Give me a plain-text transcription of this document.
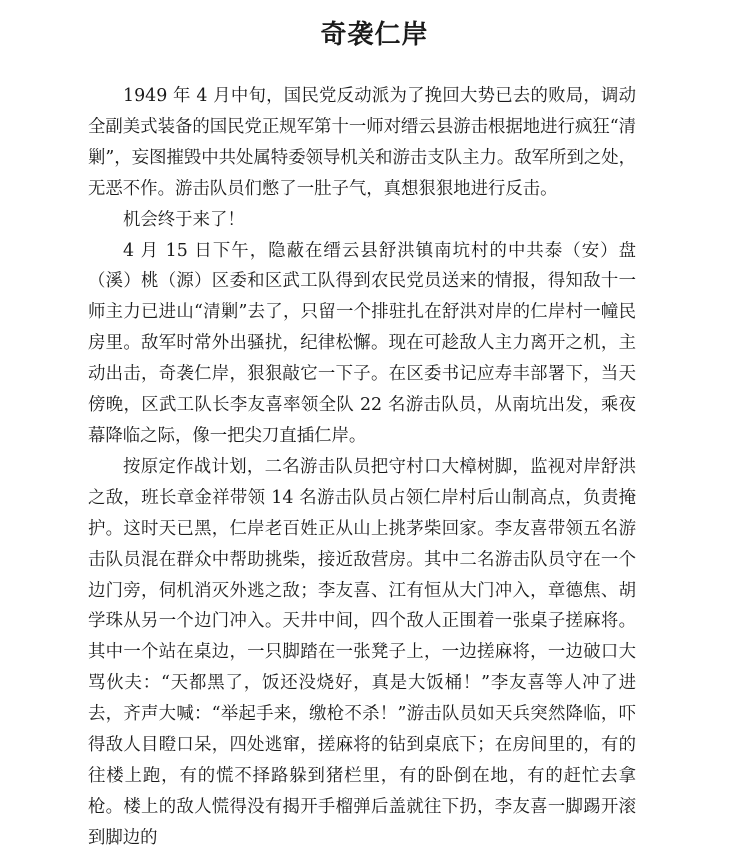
奇袭仁岸

1949 年 4 月中旬，国民党反动派为了挽回大势已去的败局，调动全副美式装备的国民党正规军第十一师对缙云县游击根据地进行疯狂“清剿”，妄图摧毁中共处属特委领导机关和游击支队主力。敌军所到之处，无恶不作。游击队员们憋了一肚子气，真想狠狠地进行反击。

机会终于来了！

4 月 15 日下午，隐蔽在缙云县舒洪镇南坑村的中共泰（安）盘（溪）桃（源）区委和区武工队得到农民党员送来的情报，得知敌十一师主力已进山“清剿”去了，只留一个排驻扎在舒洪对岸的仁岸村一幢民房里。敌军时常外出骚扰，纪律松懈。现在可趁敌人主力离开之机，主动出击，奇袭仁岸，狠狠敲它一下子。在区委书记应寿丰部署下，当天傍晚，区武工队长李友喜率领全队 22 名游击队员，从南坑出发，乘夜幕降临之际，像一把尖刀直插仁岸。

按原定作战计划，二名游击队员把守村口大樟树脚，监视对岸舒洪之敌，班长章金祥带领 14 名游击队员占领仁岸村后山制高点，负责掩护。这时天已黑，仁岸老百姓正从山上挑茅柴回家。李友喜带领五名游击队员混在群众中帮助挑柴，接近敌营房。其中二名游击队员守在一个边门旁，伺机消灭外逃之敌；李友喜、江有恒从大门冲入，章德焦、胡学珠从另一个边门冲入。天井中间，四个敌人正围着一张桌子搓麻将。其中一个站在桌边，一只脚踏在一张凳子上，一边搓麻将，一边破口大骂伙夫：“天都黑了，饭还没烧好，真是大饭桶！”李友喜等人冲了进去，齐声大喊：“举起手来，缴枪不杀！”游击队员如天兵突然降临，吓得敌人目瞪口呆，四处逃窜，搓麻将的钻到桌底下；在房间里的，有的往楼上跑，有的慌不择路躲到猪栏里，有的卧倒在地，有的赶忙去拿枪。楼上的敌人慌得没有揭开手榴弹后盖就往下扔，李友喜一脚踢开滚到脚边的
